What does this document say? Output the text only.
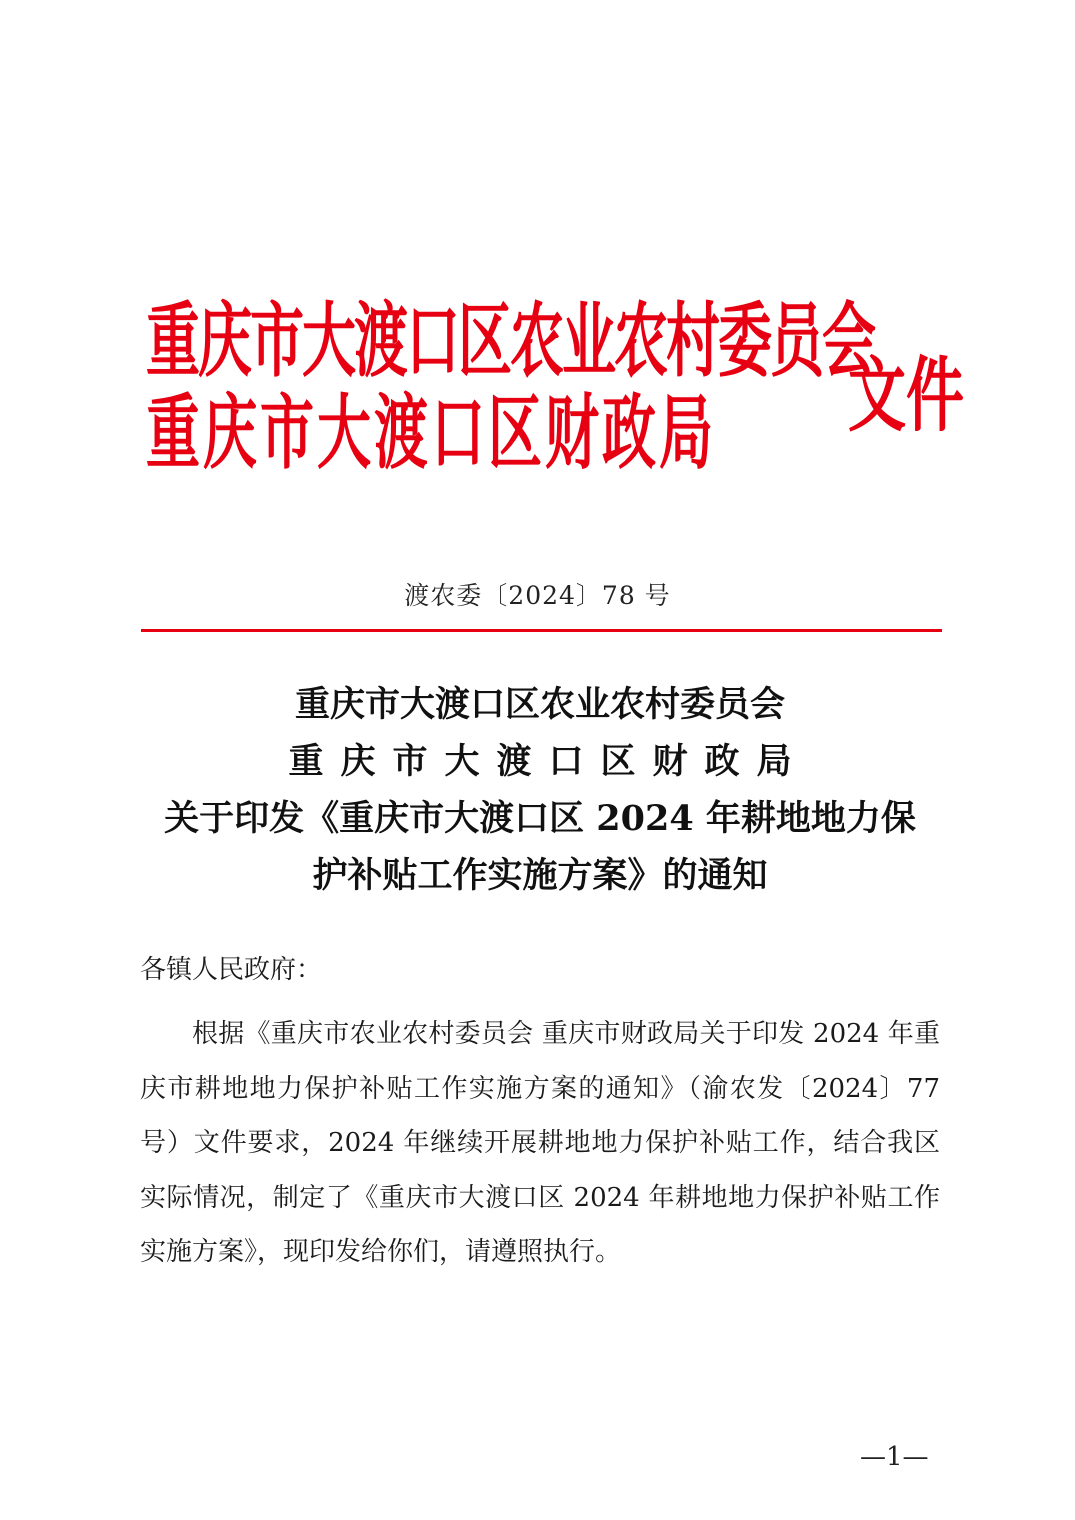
重庆市大渡口区农业农村委员会
重庆市大渡口区财政局	文件
渡农委〔2024〕78 号
重庆市大渡口区农业农村委员会
重庆市大渡口区财政局
关于印发《重庆市大渡口区 2024 年耕地地力保
护补贴工作实施方案》的通知
各镇人民政府：
根据《重庆市农业农村委员会 重庆市财政局关于印发 2024 年重庆市耕地地力保护补贴工作实施方案的通知》（渝农发〔2024〕77 号）文件要求，2024 年继续开展耕地地力保护补贴工作，结合我区实际情况，制定了《重庆市大渡口区 2024 年耕地地力保护补贴工作实施方案》，现印发给你们，请遵照执行。
—1—
